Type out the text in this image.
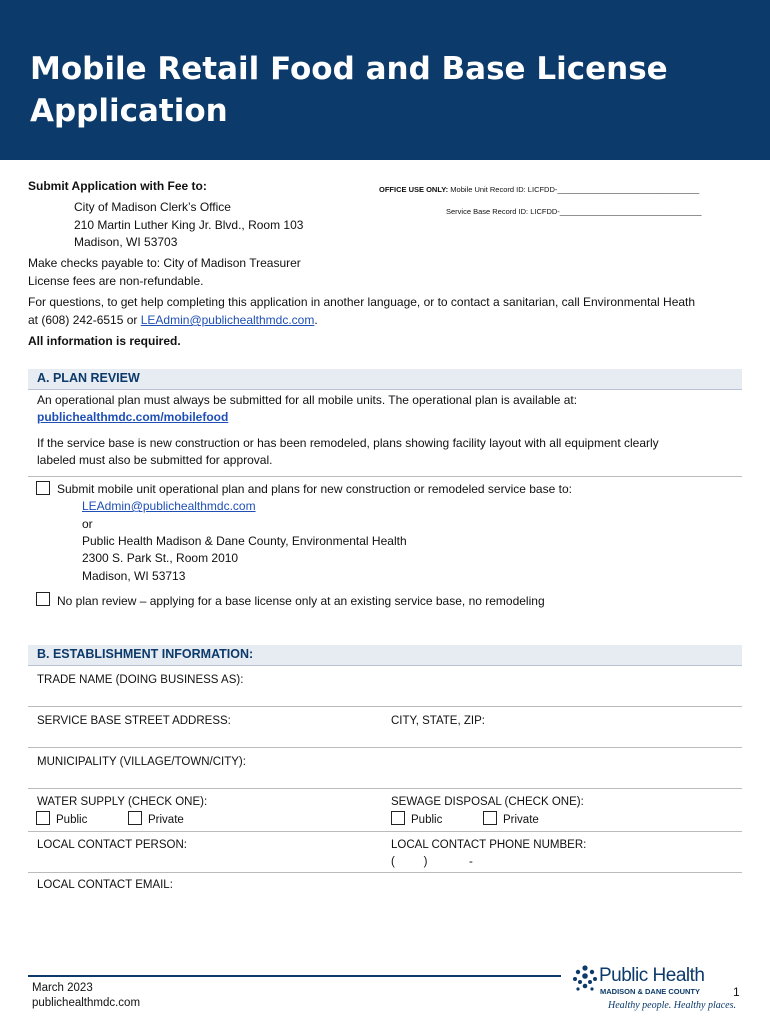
Mobile Retail Food and Base License Application
Submit Application with Fee to:
City of Madison Clerk’s Office
210 Martin Luther King Jr. Blvd., Room 103
Madison, WI 53703
Make checks payable to: City of Madison Treasurer
License fees are non-refundable.
OFFICE USE ONLY: Mobile Unit Record ID: LICFDD-__________________________________
Service Base Record ID: LICFDD-__________________________________
For questions, to get help completing this application in another language, or to contact a sanitarian, call Environmental Heath
at (608) 242-6515 or LEAdmin@publichealthmdc.com.
All information is required.
A. PLAN REVIEW
An operational plan must always be submitted for all mobile units. The operational plan is available at:
publichealthmdc.com/mobilefood
If the service base is new construction or has been remodeled, plans showing facility layout with all equipment clearly
labeled must also be submitted for approval.
Submit mobile unit operational plan and plans for new construction or remodeled service base to:
LEAdmin@publichealthmdc.com
or
Public Health Madison & Dane County, Environmental Health
2300 S. Park St., Room 2010
Madison, WI 53713
No plan review – applying for a base license only at an existing service base, no remodeling
B. ESTABLISHMENT INFORMATION:
TRADE NAME (DOING BUSINESS AS):
SERVICE BASE STREET ADDRESS:	CITY, STATE, ZIP:
MUNICIPALITY (VILLAGE/TOWN/CITY):
WATER SUPPLY (CHECK ONE):
Public	Private
SEWAGE DISPOSAL (CHECK ONE):
Public	Private
LOCAL CONTACT PERSON:	LOCAL CONTACT PHONE NUMBER:
(         )             -
LOCAL CONTACT EMAIL:
March 2023
publichealthmdc.com
Public Health
MADISON & DANE COUNTY
Healthy people. Healthy places.
1
